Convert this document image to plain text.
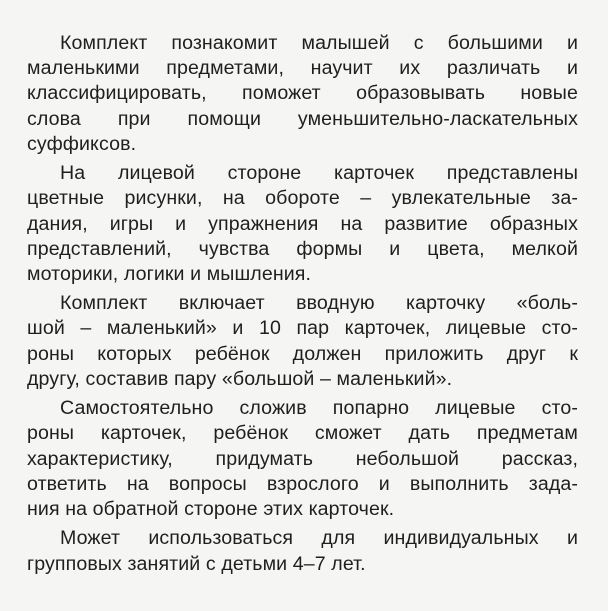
Комплект познакомит малышей с большими и
маленькими предметами, научит их различать и
классифицировать, поможет образовывать новые
слова при помощи уменьшительно-ласкательных
суффиксов.

На лицевой стороне карточек представлены
цветные рисунки, на обороте – увлекательные за-
дания, игры и упражнения на развитие образных
представлений, чувства формы и цвета, мелкой
моторики, логики и мышления.

Комплект включает вводную карточку «боль-
шой – маленький» и 10 пар карточек, лицевые сто-
роны которых ребёнок должен приложить друг к
другу, составив пару «большой – маленький».

Самостоятельно сложив попарно лицевые сто-
роны карточек, ребёнок сможет дать предметам
характеристику, придумать небольшой рассказ,
ответить на вопросы взрослого и выполнить зада-
ния на обратной стороне этих карточек.

Может использоваться для индивидуальных и
групповых занятий с детьми 4–7 лет.
